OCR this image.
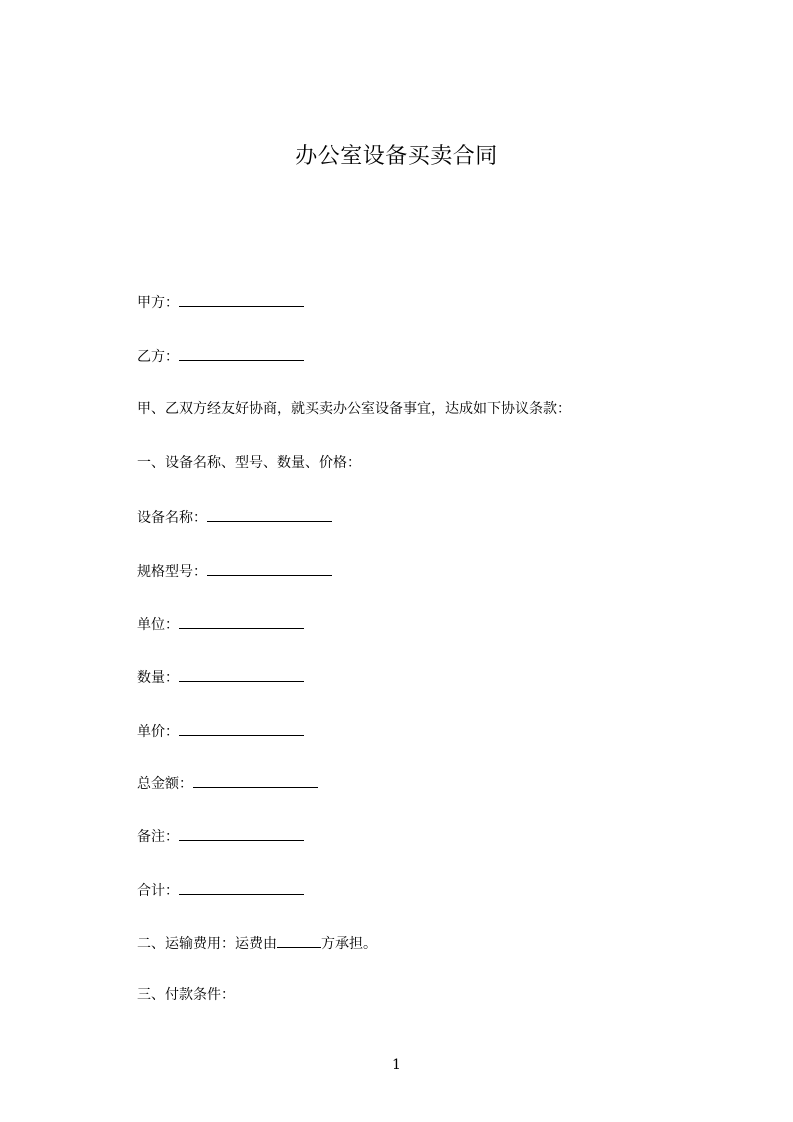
办公室设备买卖合同
甲方：
乙方：
甲、乙双方经友好协商，就买卖办公室设备事宜，达成如下协议条款：
一、设备名称、型号、数量、价格：
设备名称：
规格型号：
单位：
数量：
单价：
总金额：
备注：
合计：
二、运输费用：运费由	方承担。
三、付款条件：
1
